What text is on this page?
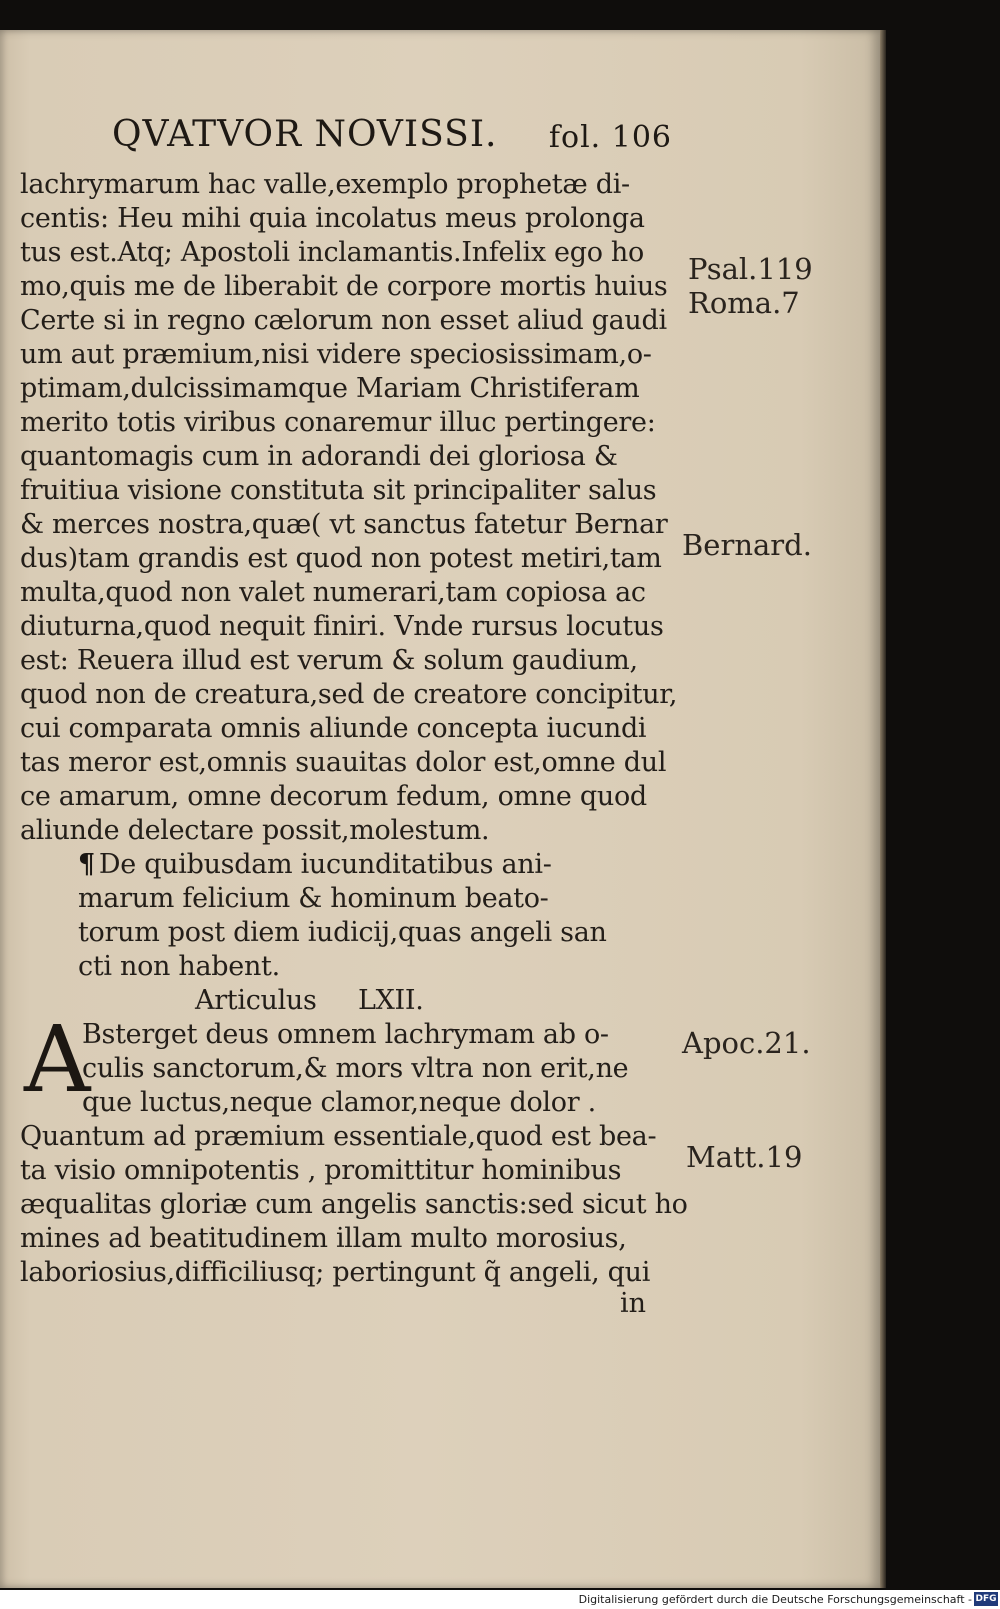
QVATVOR NOVISSI. fol. 106
lachrymarum hac valle,exemplo prophetæ di-
centis: Heu mihi quia incolatus meus prolonga
tus est.Atq; Apostoli inclamantis.Infelix ego ho
mo,quis me de liberabit de corpore mortis huius
Certe si in regno cælorum non esset aliud gaudi
um aut præmium,nisi videre speciosissimam,o-
ptimam,dulcissimamque Mariam Christiferam
merito totis viribus conaremur illuc pertingere:
quantomagis cum in adorandi dei gloriosa &
fruitiua visione constituta sit principaliter salus
& merces nostra,quæ( vt sanctus fatetur Bernar
dus)tam grandis est quod non potest metiri,tam
multa,quod non valet numerari,tam copiosa ac
diuturna,quod nequit finiri. Vnde rursus locutus
est: Reuera illud est verum & solum gaudium,
quod non de creatura,sed de creatore concipitur,
cui comparata omnis aliunde concepta iucundi
tas meror est,omnis suauitas dolor est,omne dul
ce amarum, omne decorum fedum, omne quod
aliunde delectare possit,molestum.
¶ De quibusdam iucunditatibus ani-
marum felicium & hominum beato-
torum post diem iudicij,quas angeli san
cti non habent.
Articulus     LXII.
Bsterget deus omnem lachrymam ab o-
culis sanctorum,& mors vltra non erit,ne
que luctus,neque clamor,neque dolor .
Quantum ad præmium essentiale,quod est bea-
ta visio omnipotentis , promittitur hominibus
æqualitas gloriæ cum angelis sanctis:sed sicut ho
mines ad beatitudinem illam multo morosius,
laboriosius,difficiliusq; pertingunt q̃ angeli, qui
A
in
Psal.119
Roma.7
Bernard.
Apoc.21.
Matt.19
Digitalisierung gefördert durch die Deutsche Forschungsgemeinschaft - DFG
